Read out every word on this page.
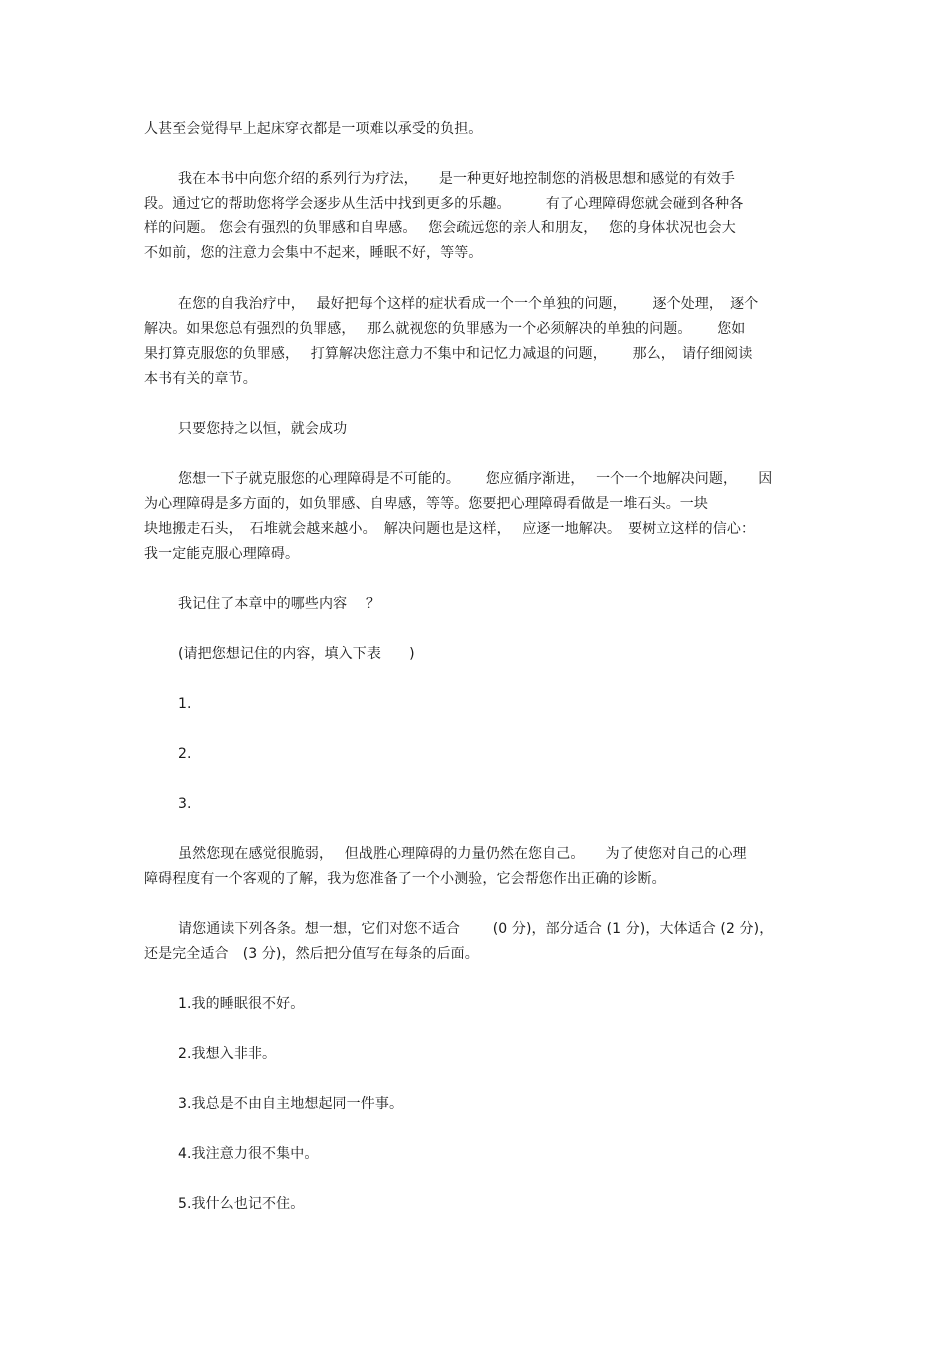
人甚至会觉得早上起床穿衣都是一项难以承受的负担。
我在本书中向您介绍的系列行为疗法，　　是一种更好地控制您的消极思想和感觉的有效手
段。通过它的帮助您将学会逐步从生活中找到更多的乐趣。　　　有了心理障碍您就会碰到各种各
样的问题。 您会有强烈的负罪感和自卑感。　 您会疏远您的亲人和朋友，　 您的身体状况也会大
不如前，您的注意力会集中不起来，睡眠不好，等等。
在您的自我治疗中，　 最好把每个这样的症状看成一个一个单独的问题，　　 逐个处理，　逐个
解决。如果您总有强烈的负罪感，　 那么就视您的负罪感为一个必须解决的单独的问题。　　 您如
果打算克服您的负罪感，　 打算解决您注意力不集中和记忆力减退的问题，　　 那么，　请仔细阅读
本书有关的章节。
只要您持之以恒，就会成功
您想一下子就克服您的心理障碍是不可能的。　　 您应循序渐进，　 一个一个地解决问题，　　因
为心理障碍是多方面的，如负罪感、自卑感，等等。您要把心理障碍看做是一堆石头。一块
块地搬走石头，　石堆就会越来越小。　解决问题也是这样，　 应逐一地解决。　要树立这样的信心：
我一定能克服心理障碍。
我记住了本章中的哪些内容　 ？
(请把您想记住的内容，填入下表　　)
1.
2.
3.
虽然您现在感觉很脆弱，　 但战胜心理障碍的力量仍然在您自己。　　为了使您对自己的心理
障碍程度有一个客观的了解，我为您准备了一个小测验，它会帮您作出正确的诊断。
请您通读下列各条。想一想，它们对您不适合　　 (0 分)，部分适合 (1 分)，大体适合 (2 分)，
还是完全适合　(3 分)，然后把分值写在每条的后面。
1.我的睡眠很不好。
2.我想入非非。
3.我总是不由自主地想起同一件事。
4.我注意力很不集中。
5.我什么也记不住。
